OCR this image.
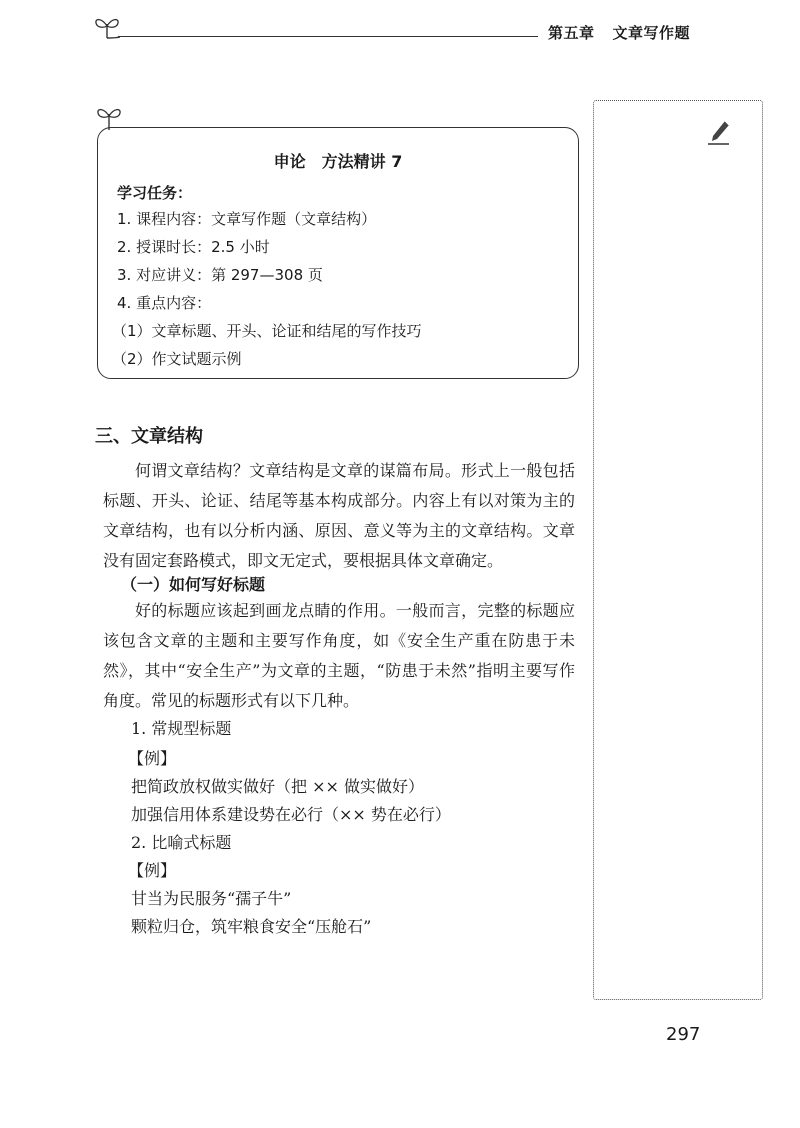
第五章 文章写作题
申论 方法精讲 7
学习任务：
1. 课程内容：文章写作题（文章结构）
2. 授课时长：2.5 小时
3. 对应讲义：第 297—308 页
4. 重点内容：
（1）文章标题、开头、论证和结尾的写作技巧
（2）作文试题示例
三、文章结构

何谓文章结构？文章结构是文章的谋篇布局。形式上一般包括标题、开头、论证、结尾等基本构成部分。内容上有以对策为主的文章结构，也有以分析内涵、原因、意义等为主的文章结构。文章没有固定套路模式，即文无定式，要根据具体文章确定。

（一）如何写好标题

好的标题应该起到画龙点睛的作用。一般而言，完整的标题应该包含文章的主题和主要写作角度，如《安全生产重在防患于未然》，其中“安全生产”为文章的主题，“防患于未然”指明主要写作角度。常见的标题形式有以下几种。

1. 常规型标题
【例】
把简政放权做实做好（把 ×× 做实做好）
加强信用体系建设势在必行（×× 势在必行）
2. 比喻式标题
【例】
甘当为民服务“孺子牛”
颗粒归仓，筑牢粮食安全“压舱石”
297
